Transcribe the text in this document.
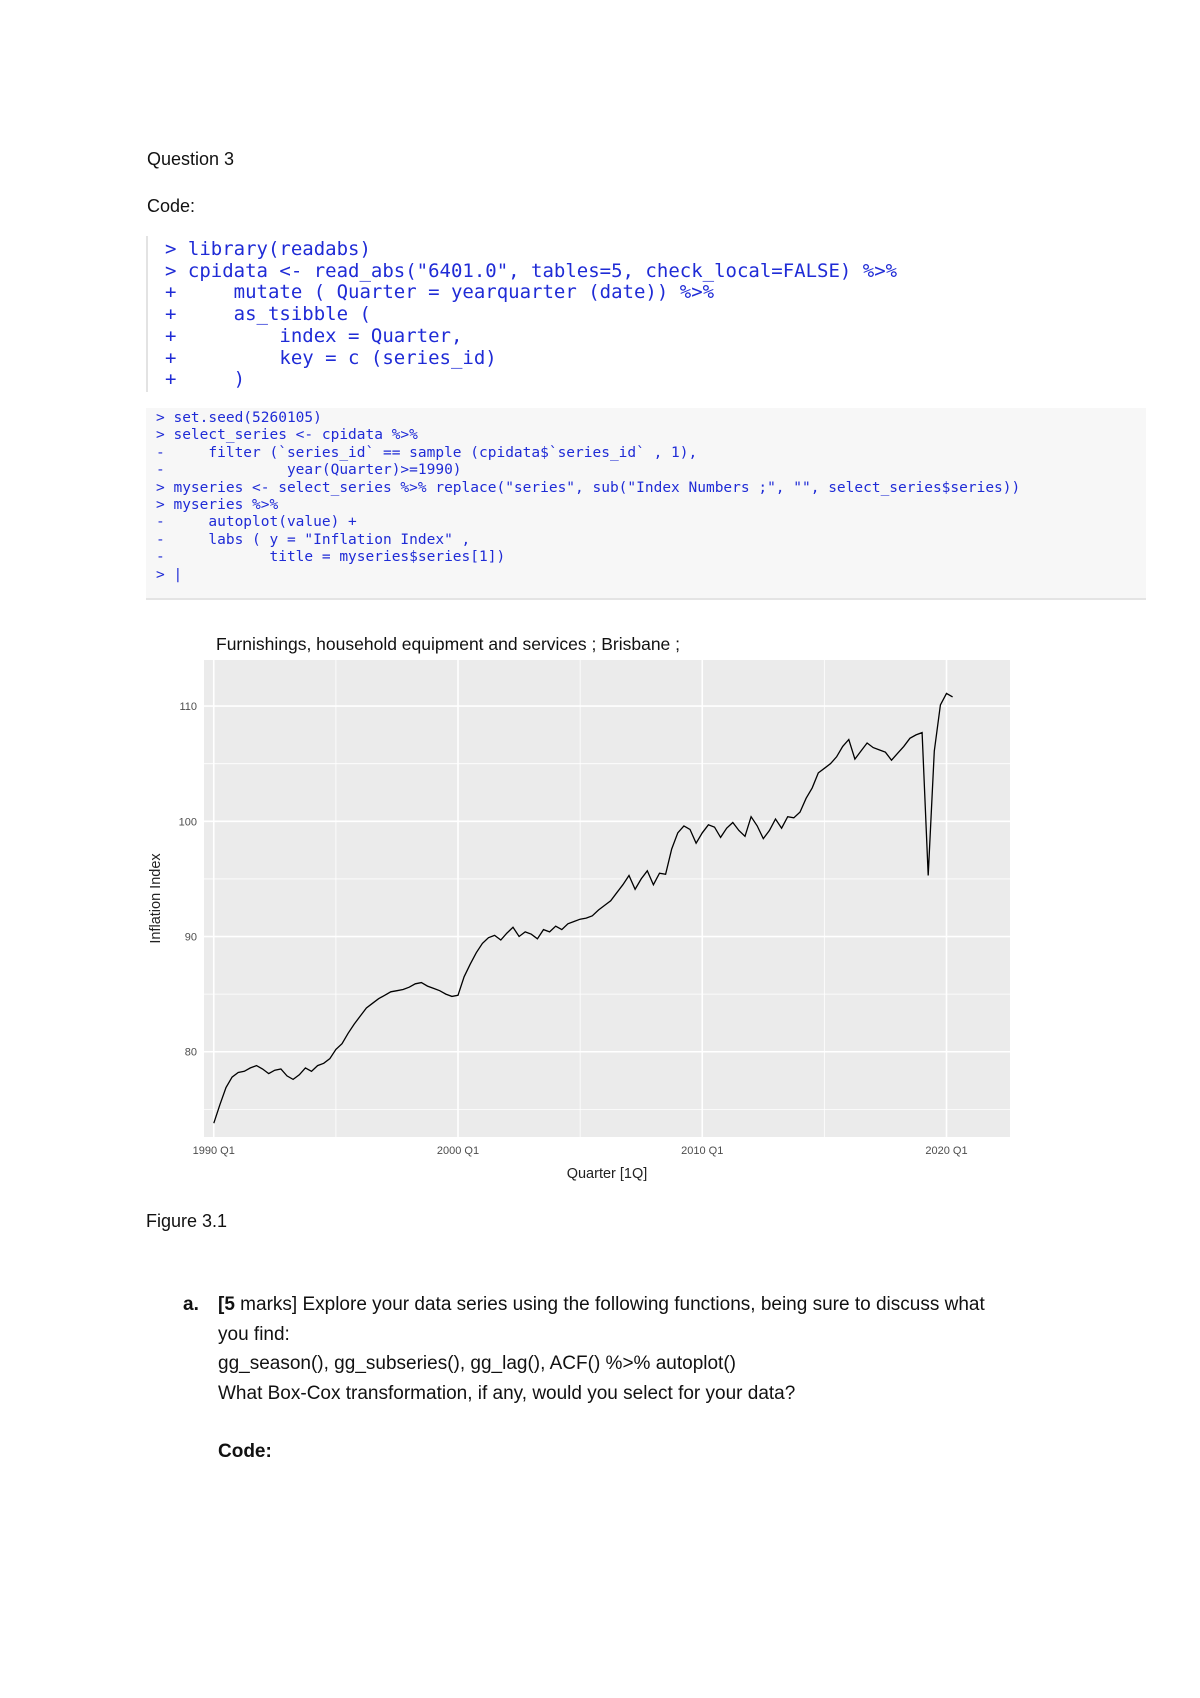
Question 3
Code:
> library(readabs)
> cpidata <- read_abs("6401.0", tables=5, check_local=FALSE) %>%
+     mutate ( Quarter = yearquarter (date)) %>%
+     as_tsibble (
+         index = Quarter,
+         key = c (series_id)
+     )
> set.seed(5260105)
> select_series <- cpidata %>%
-     filter (`series_id` == sample (cpidata$`series_id` , 1),
-              year(Quarter)>=1990)
> myseries <- select_series %>% replace("series", sub("Index Numbers ;", "", select_series$series))
> myseries %>%
-     autoplot(value) +
-     labs ( y = "Inflation Index" ,
-            title = myseries$series[1])
> |
Furnishings, household equipment and services ; Brisbane ;
80
90
100
110
1990 Q1	2000 Q1	2010 Q1	2020 Q1
Quarter [1Q]
Inflation Index
Figure 3.1
a. [5 marks] Explore your data series using the following functions, being sure to discuss what
you find:
gg_season(), gg_subseries(), gg_lag(), ACF() %>% autoplot()
What Box-Cox transformation, if any, would you select for your data?
Code:
